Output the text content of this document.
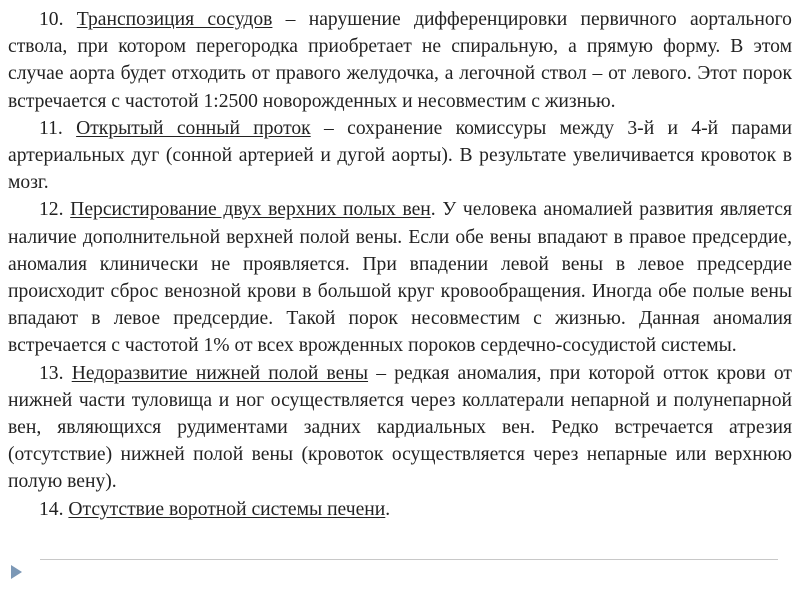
10. Транспозиция сосудов – нарушение дифференцировки первичного аортального ствола, при котором перегородка приобретает не спиральную, а прямую форму. В этом случае аорта будет отходить от правого желудочка, а легочной ствол – от левого. Этот порок встречается с частотой 1:2500 новорожденных и несовместим с жизнью.

11. Открытый сонный проток – сохранение комиссуры между 3-й и 4-й парами артериальных дуг (сонной артерией и дугой аорты). В результате увеличивается кровоток в мозг.

12. Персистирование двух верхних полых вен. У человека аномалией развития является наличие дополнительной верхней полой вены. Если обе вены впадают в правое предсердие, аномалия клинически не проявляется. При впадении левой вены в левое предсердие происходит сброс венозной крови в большой круг кровообращения. Иногда обе полые вены впадают в левое предсердие. Такой порок несовместим с жизнью. Данная аномалия встречается с частотой 1% от всех врожденных пороков сердечно-сосудистой системы.

13. Недоразвитие нижней полой вены – редкая аномалия, при которой отток крови от нижней части туловища и ног осуществляется через коллатерали непарной и полунепарной вен, являющихся рудиментами задних кардиальных вен. Редко встречается атрезия (отсутствие) нижней полой вены (кровоток осуществляется через непарные или верхнюю полую вену).

14. Отсутствие воротной системы печени.
